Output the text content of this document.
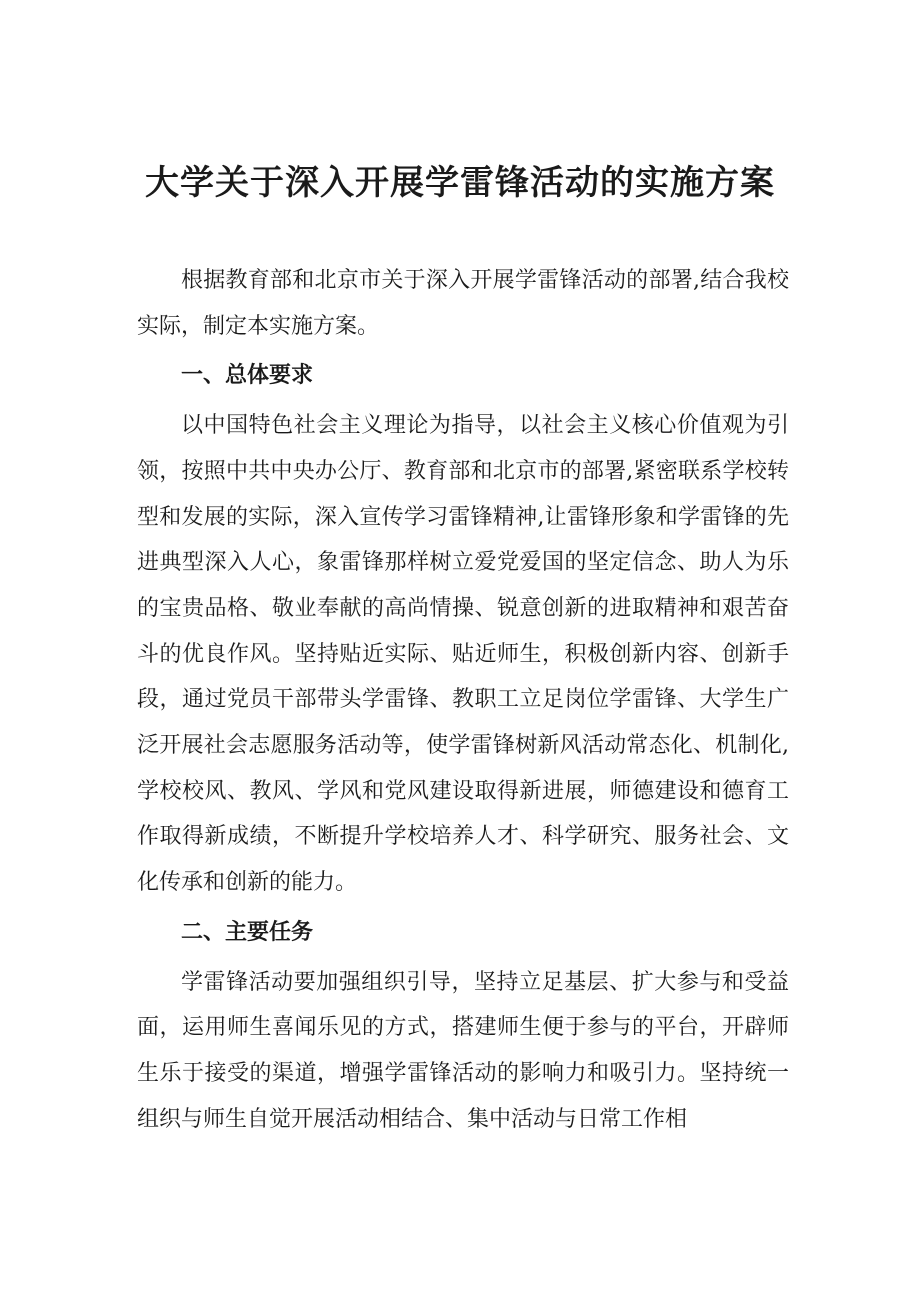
大学关于深入开展学雷锋活动的实施方案

根据教育部和北京市关于深入开展学雷锋活动的部署,结合我校实际，制定本实施方案。

一、总体要求

以中国特色社会主义理论为指导，以社会主义核心价值观为引领，按照中共中央办公厅、教育部和北京市的部署,紧密联系学校转型和发展的实际，深入宣传学习雷锋精神,让雷锋形象和学雷锋的先进典型深入人心，象雷锋那样树立爱党爱国的坚定信念、助人为乐的宝贵品格、敬业奉献的高尚情操、锐意创新的进取精神和艰苦奋斗的优良作风。坚持贴近实际、贴近师生，积极创新内容、创新手段，通过党员干部带头学雷锋、教职工立足岗位学雷锋、大学生广泛开展社会志愿服务活动等，使学雷锋树新风活动常态化、机制化,学校校风、教风、学风和党风建设取得新进展，师德建设和德育工作取得新成绩，不断提升学校培养人才、科学研究、服务社会、文化传承和创新的能力。

二、主要任务

学雷锋活动要加强组织引导，坚持立足基层、扩大参与和受益面，运用师生喜闻乐见的方式，搭建师生便于参与的平台，开辟师生乐于接受的渠道，增强学雷锋活动的影响力和吸引力。坚持统一组织与师生自觉开展活动相结合、集中活动与日常工作相
